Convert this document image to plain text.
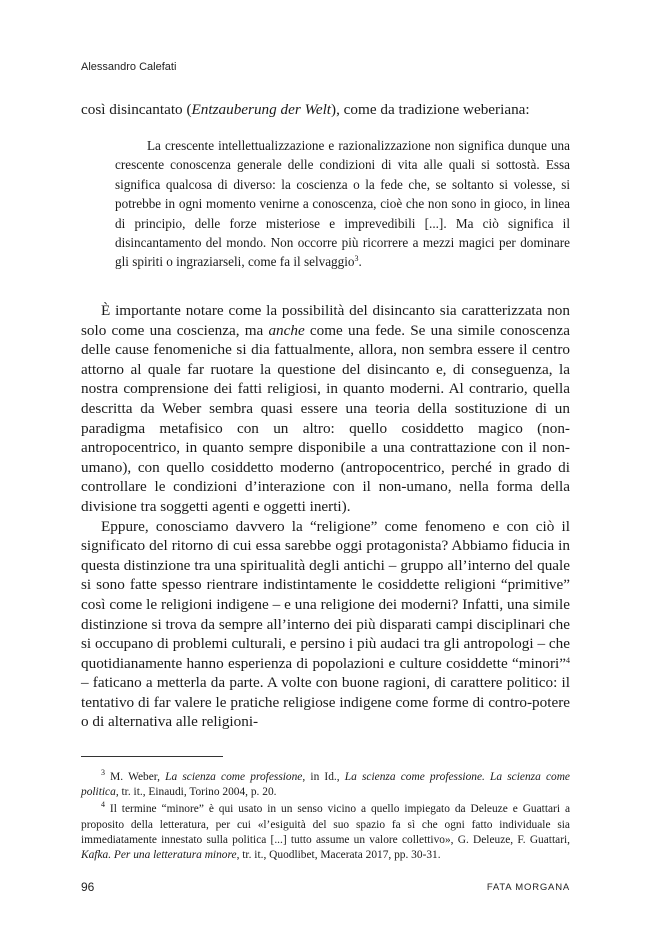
Alessandro Calefati
così disincantato (Entzauberung der Welt), come da tradizione weberiana:
La crescente intellettualizzazione e razionalizzazione non significa dunque una crescente conoscenza generale delle condizioni di vita alle quali si sottostà. Essa significa qualcosa di diverso: la coscienza o la fede che, se soltanto si volesse, si potrebbe in ogni momento venirne a conoscenza, cioè che non sono in gioco, in linea di principio, delle forze misteriose e imprevedibili [...]. Ma ciò significa il disincantamento del mondo. Non occorre più ricorrere a mezzi magici per dominare gli spiriti o ingraziarseli, come fa il selvaggio$^3$.

È importante notare come la possibilità del disincanto sia caratterizzata non solo come una coscienza, ma anche come una fede. Se una simile conoscenza delle cause fenomeniche si dia fattualmente, allora, non sembra essere il centro attorno al quale far ruotare la questione del disincanto e, di conseguenza, la nostra comprensione dei fatti religiosi, in quanto moderni. Al contrario, quella descritta da Weber sembra quasi essere una teoria della sostituzione di un paradigma metafisico con un altro: quello cosiddetto magico (non-antropocentrico, in quanto sempre disponibile a una contrattazione con il non-umano), con quello cosiddetto moderno (antropocentrico, perché in grado di controllare le condizioni d’interazione con il non-umano, nella forma della divisione tra soggetti agenti e oggetti inerti).

Eppure, conosciamo davvero la “religione” come fenomeno e con ciò il significato del ritorno di cui essa sarebbe oggi protagonista? Abbiamo fiducia in questa distinzione tra una spiritualità degli antichi – gruppo all’interno del quale si sono fatte spesso rientrare indistintamente le cosiddette religioni “primitive” così come le religioni indigene – e una religione dei moderni? Infatti, una simile distinzione si trova da sempre all’interno dei più disparati campi disciplinari che si occupano di problemi culturali, e persino i più audaci tra gli antropologi – che quotidianamente hanno esperienza di popolazioni e culture cosiddette “minori”$^4$ – faticano a metterla da parte. A volte con buone ragioni, di carattere politico: il tentativo di far valere le pratiche religiose indigene come forme di contro-potere o di alternativa alle religioni-

$^3$ M. Weber, La scienza come professione, in Id., La scienza come professione. La scienza come politica, tr. it., Einaudi, Torino 2004, p. 20.

$^4$ Il termine “minore” è qui usato in un senso vicino a quello impiegato da Deleuze e Guattari a proposito della letteratura, per cui «l’esiguità del suo spazio fa sì che ogni fatto individuale sia immediatamente innestato sulla politica [...] tutto assume un valore collettivo», G. Deleuze, F. Guattari, Kafka. Per una letteratura minore, tr. it., Quodlibet, Macerata 2017, pp. 30-31.

96	FATA MORGANA
